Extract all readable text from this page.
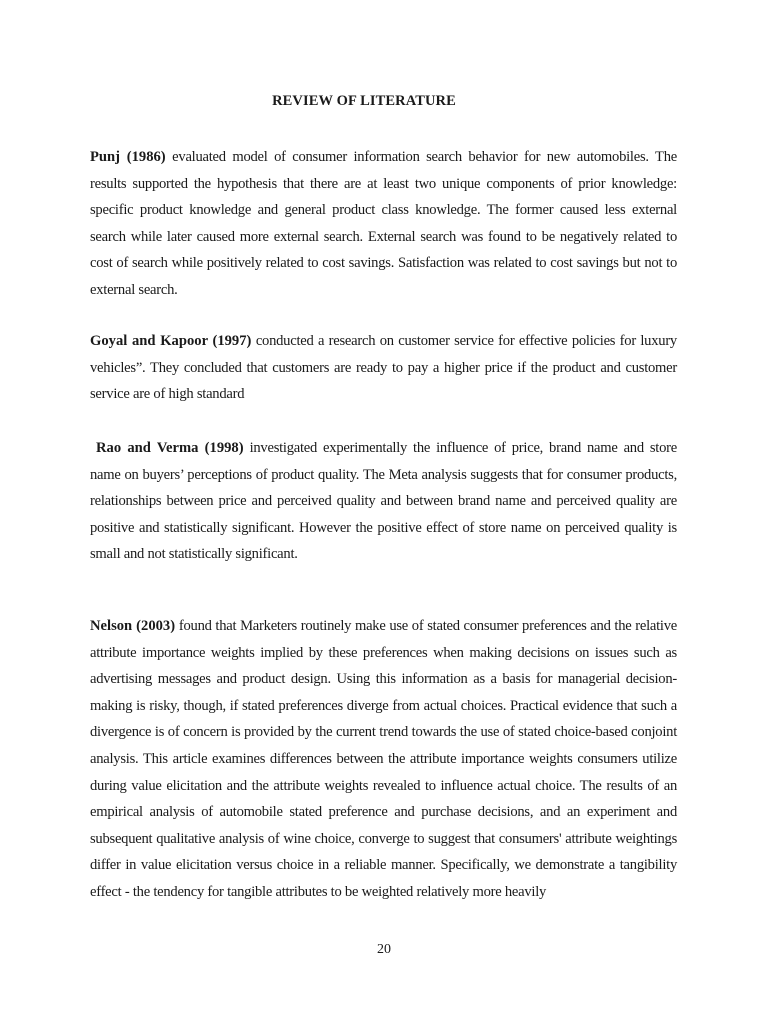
REVIEW OF LITERATURE

Punj (1986) evaluated model of consumer information search behavior for new automobiles. The results supported the hypothesis that there are at least two unique components of prior knowledge: specific product knowledge and general product class knowledge. The former caused less external search while later caused more external search. External search was found to be negatively related to cost of search while positively related to cost savings. Satisfaction was related to cost savings but not to external search.

Goyal and Kapoor (1997) conducted a research on customer service for effective policies for luxury vehicles”. They concluded that customers are ready to pay a higher price if the product and customer service are of high standard

Rao and Verma (1998) investigated experimentally the influence of price, brand name and store name on buyers’ perceptions of product quality. The Meta analysis suggests that for consumer products, relationships between price and perceived quality and between brand name and perceived quality are positive and statistically significant. However the positive effect of store name on perceived quality is small and not statistically significant.

Nelson (2003) found that Marketers routinely make use of stated consumer preferences and the relative attribute importance weights implied by these preferences when making decisions on issues such as advertising messages and product design. Using this information as a basis for managerial decision-making is risky, though, if stated preferences diverge from actual choices. Practical evidence that such a divergence is of concern is provided by the current trend towards the use of stated choice-based conjoint analysis. This article examines differences between the attribute importance weights consumers utilize during value elicitation and the attribute weights revealed to influence actual choice. The results of an empirical analysis of automobile stated preference and purchase decisions, and an experiment and subsequent qualitative analysis of wine choice, converge to suggest that consumers' attribute weightings differ in value elicitation versus choice in a reliable manner. Specifically, we demonstrate a tangibility effect - the tendency for tangible attributes to be weighted relatively more heavily

20
